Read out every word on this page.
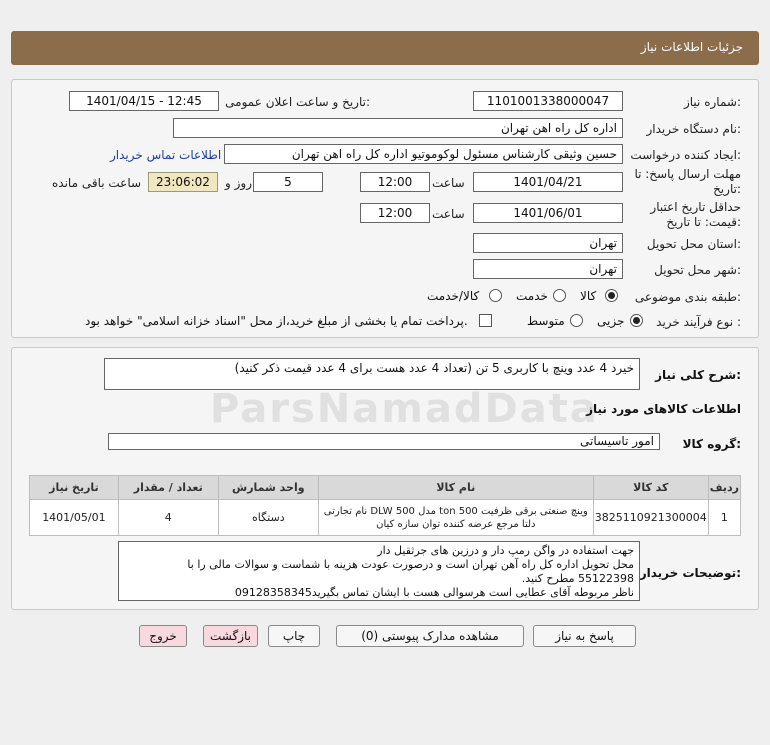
جزئیات اطلاعات نیاز
شماره نیاز:
1101001338000047
تاریخ و ساعت اعلان عمومی:
1401/04/15 - 12:45
نام دستگاه خریدار:
اداره کل راه اهن تهران
ایجاد کننده درخواست:
حسین وثیقی کارشناس مسئول لوکوموتیو اداره کل راه اهن تهران
اطلاعات تماس خریدار
مهلت ارسال پاسخ: تا
تاریخ:
1401/04/21
ساعت
12:00
5
روز و
23:06:02
ساعت باقی مانده
حداقل تاریخ اعتبار
قیمت: تا تاریخ:
1401/06/01
ساعت
12:00
استان محل تحویل:
تهران
شهر محل تحویل:
تهران
طبقه بندی موضوعی:
کالا
خدمت
کالا/خدمت
نوع فرآیند خرید :
جزیی
متوسط
پرداخت تمام یا بخشی از مبلغ خرید،از محل "اسناد خزانه اسلامی" خواهد بود.
شرح کلی نیاز:
خیرد 4 عدد وینچ با کاربری 5 تن (تعداد 4 عدد هست برای 4 عدد قیمت ذکر کنید)
ParsNamadData
اطلاعات کالاهای مورد نیاز
گروه کالا:
امور تاسیساتی
ردیف	کد کالا	نام کالا	واحد شمارش	تعداد / مقدار	تاریخ نیاز
1	3825110921300004	وینچ صنعتی برقی ظرفیت ton 500 مدل DLW 500 نام تجارتی
دلتا مرجع عرضه کننده توان سازه کیان	دستگاه	4	1401/05/01
توضیحات خریدار:
جهت استفاده در واگن رمپ دار و درزین های جرثقیل دار
محل تحویل اداره کل راه آهن تهران است و درصورت عودت هزینه با شماست و سوالات مالی را با
55122398 مطرح کنید.
ناظر مربوطه آقای عطایی است هرسوالی هست با ایشان تماس بگیرید09128358345
پاسخ به نیاز
مشاهده مدارک پیوستی (0)
چاپ
بازگشت
خروج
